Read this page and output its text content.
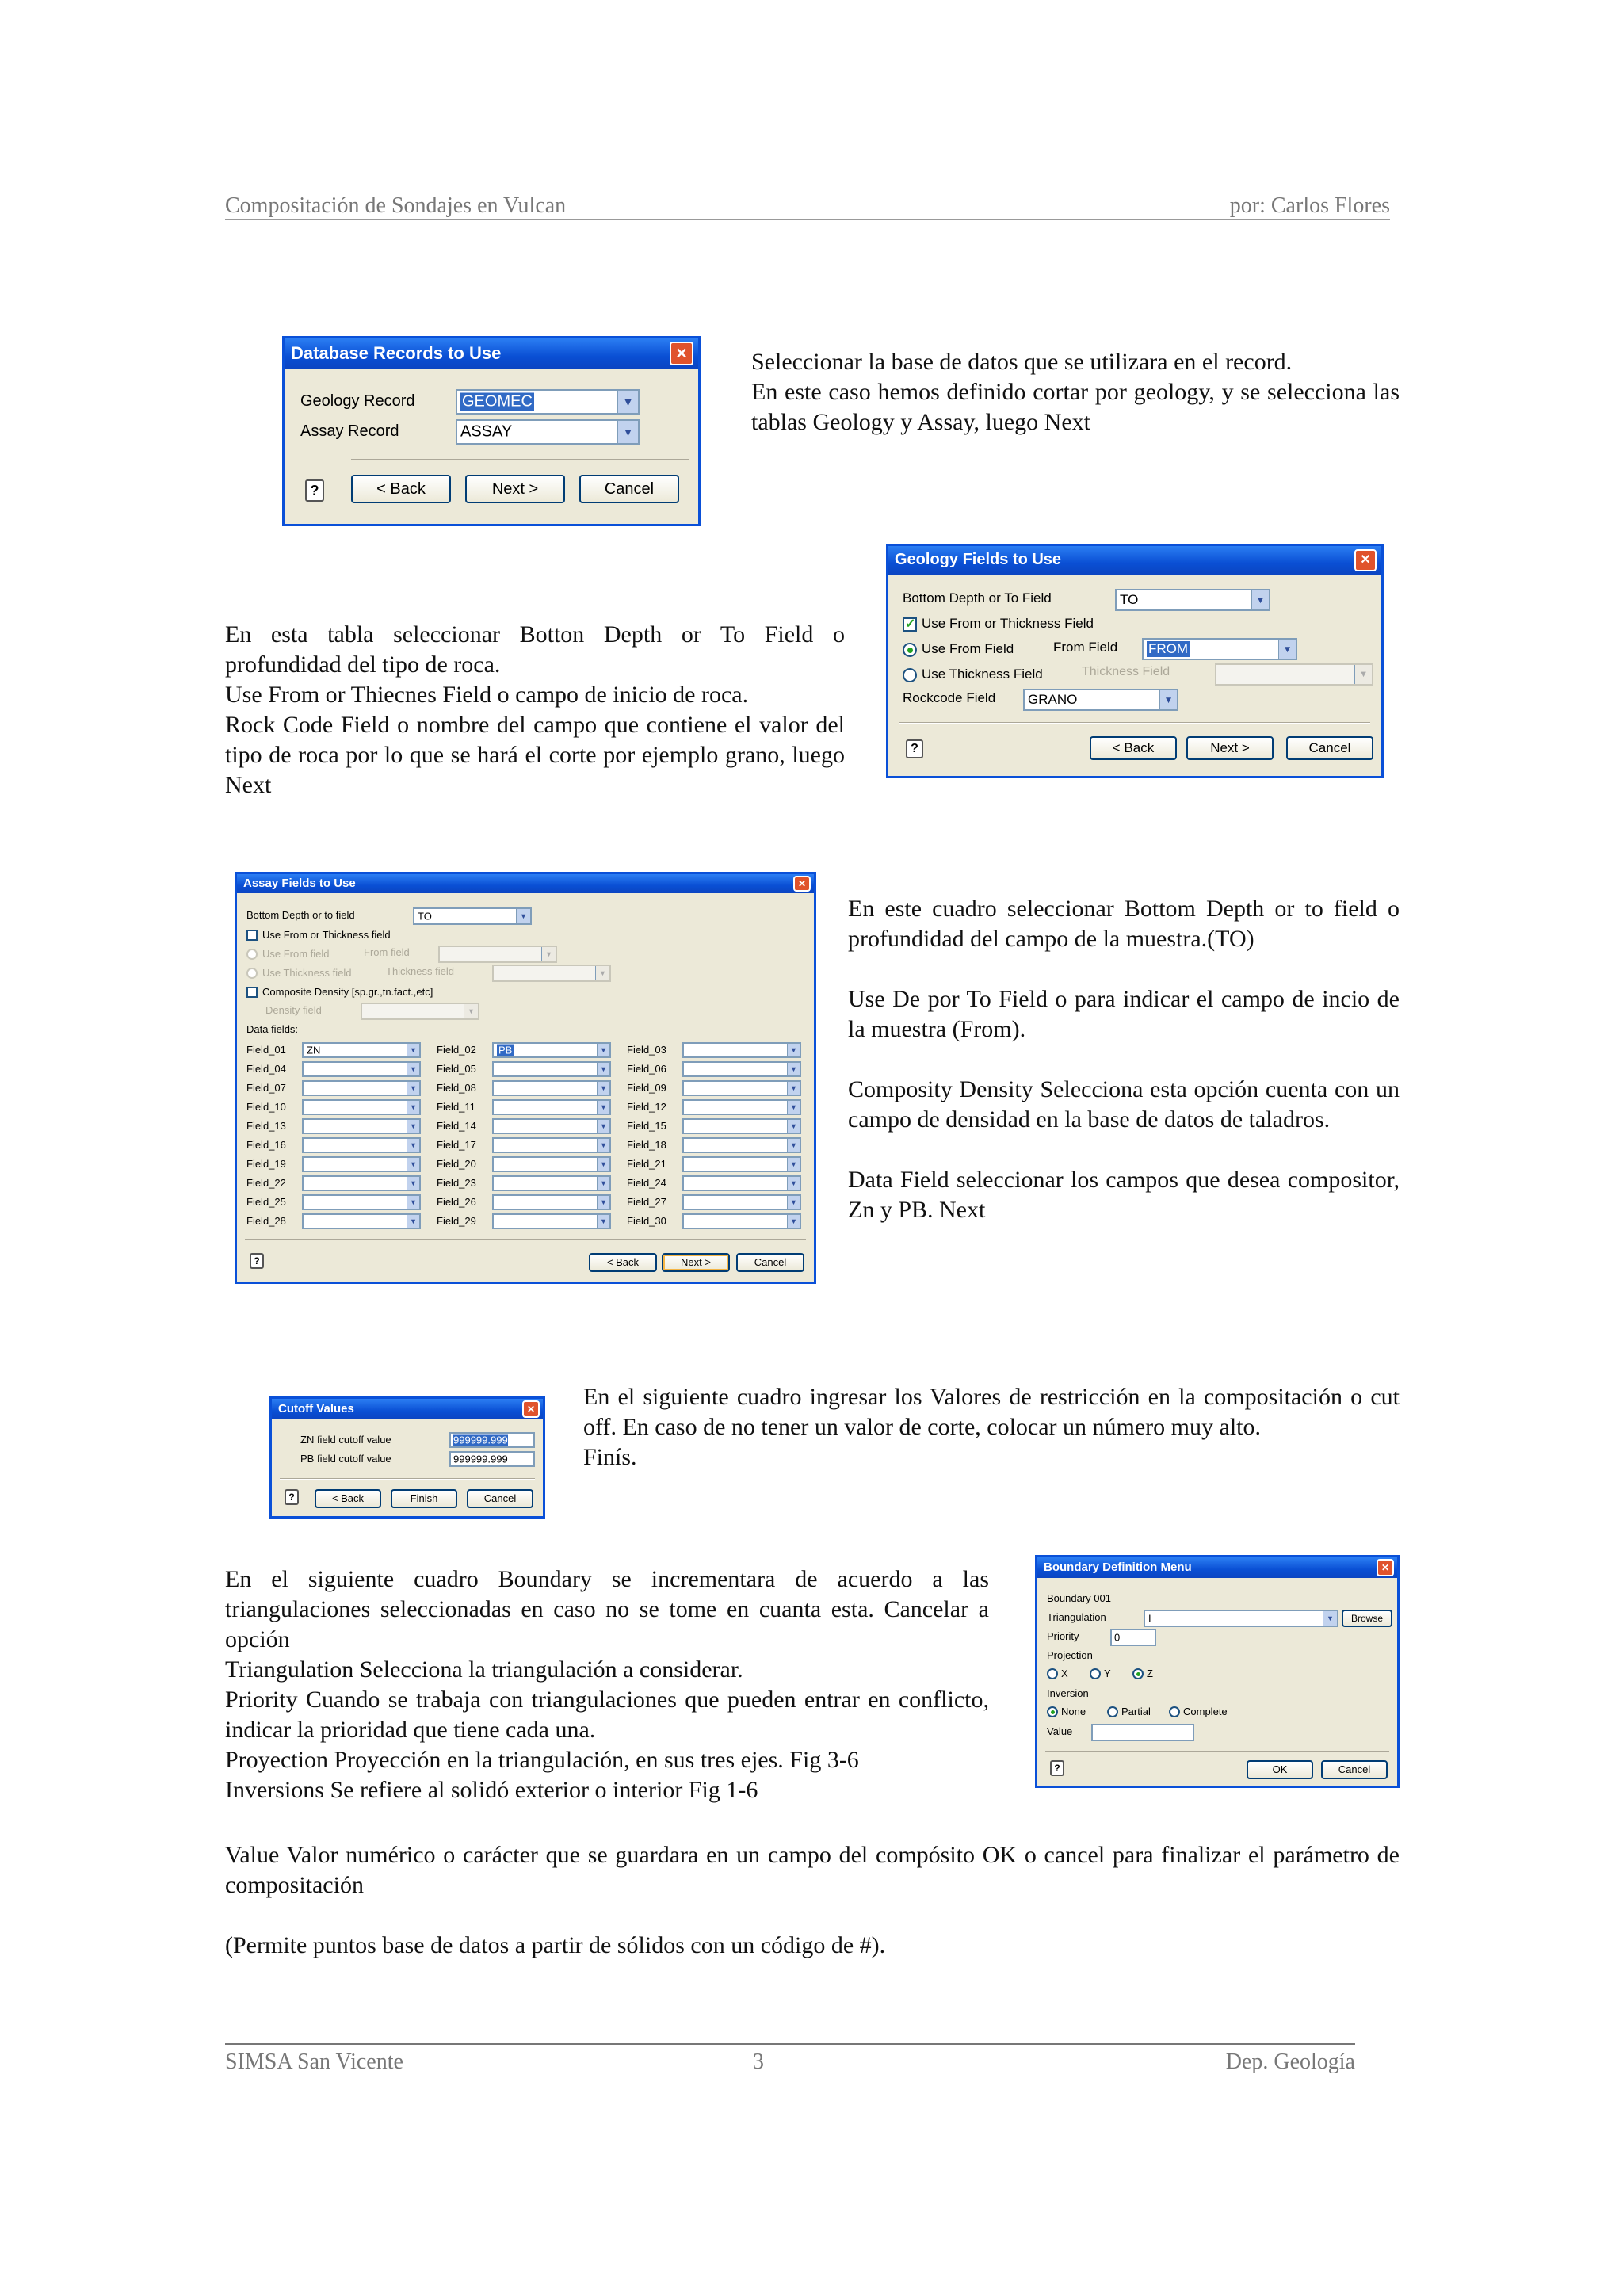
Compositación de Sondajes en Vulcan	por: Carlos Flores
Database Records to Use	✕
Geology Record	GEOMEC	▼
Assay Record	ASSAY	▼
?	< Back	Next >	Cancel

Seleccionar la base de datos que se utilizara en el record.

En este caso hemos definido cortar por geology, y se selecciona las tablas Geology y Assay, luego Next

Geology Fields to Use	✕
Bottom Depth or To Field	TO	▼
✓
Use From or Thickness Field
Use From Field	From Field FROM	▼
Use Thickness Field	Thickness Field	▼
Rockcode Field GRANO	▼
?	< Back	Next >	Cancel

En esta tabla seleccionar Botton Depth or To Field o profundidad del tipo de roca.

Use From or Thiecnes Field o campo de inicio de roca.

Rock Code Field o nombre del campo que contiene el valor del tipo de roca por lo que se hará el corte por ejemplo grano, luego Next

Assay Fields to Use	✕
Bottom Depth or to field	TO	▼
Use From or Thickness field
Use From field	From field	▼
Use Thickness field	Thickness field	▼
Composite Density [sp.gr.,tn.fact.,etc]
Density field	▼
Data fields:
Field_01 ZN	▼ Field_02 PB	▼ Field_03	▼
Field_04	▼ Field_05	▼ Field_06	▼
Field_07	▼ Field_08	▼ Field_09	▼
Field_10	▼ Field_11	▼ Field_12	▼
Field_13	▼ Field_14	▼ Field_15	▼
Field_16	▼ Field_17	▼ Field_18	▼
Field_19	▼ Field_20	▼ Field_21	▼
Field_22	▼ Field_23	▼ Field_24	▼
Field_25	▼ Field_26	▼ Field_27	▼
Field_28	▼ Field_29	▼ Field_30	▼
?	< Back	Next >	Cancel

En este cuadro seleccionar Bottom Depth or to field o profundidad del campo de la muestra.(TO)

Use De por To Field o para indicar el campo de incio de la muestra (From).

Composity Density Selecciona esta opción cuenta con un campo de densidad en la base de datos de taladros.

Data Field seleccionar los campos que desea compositor, Zn y PB. Next

Cutoff Values	✕
ZN field cutoff value	999999.999
PB field cutoff value	999999.999
?	< Back	Finish	Cancel

En el siguiente cuadro ingresar los Valores de restricción en la compositación o cut off. En caso de no tener un valor de corte, colocar un número muy alto.

Finís.

Boundary Definition Menu	✕
Boundary 001
Triangulation	I	▼	Browse
Priority	0
Projection
X	Y	Z
Inversion
None	Partial	Complete
Value
?	OK	Cancel

En el siguiente cuadro Boundary se incrementara de acuerdo a las triangulaciones seleccionadas en caso no se tome en cuanta esta. Cancelar a opción

Triangulation Selecciona la triangulación a considerar.

Priority Cuando se trabaja con triangulaciones que pueden entrar en conflicto, indicar la prioridad que tiene cada una.

Proyection Proyección en la triangulación, en sus tres ejes. Fig 3-6

Inversions Se refiere al solidó exterior o interior Fig 1-6

Value Valor numérico o carácter que se guardara en un campo del compósito OK o cancel para finalizar el parámetro de compositación

(Permite puntos base de datos a partir de sólidos con un código de #).

SIMSA San Vicente	3	Dep. Geología
